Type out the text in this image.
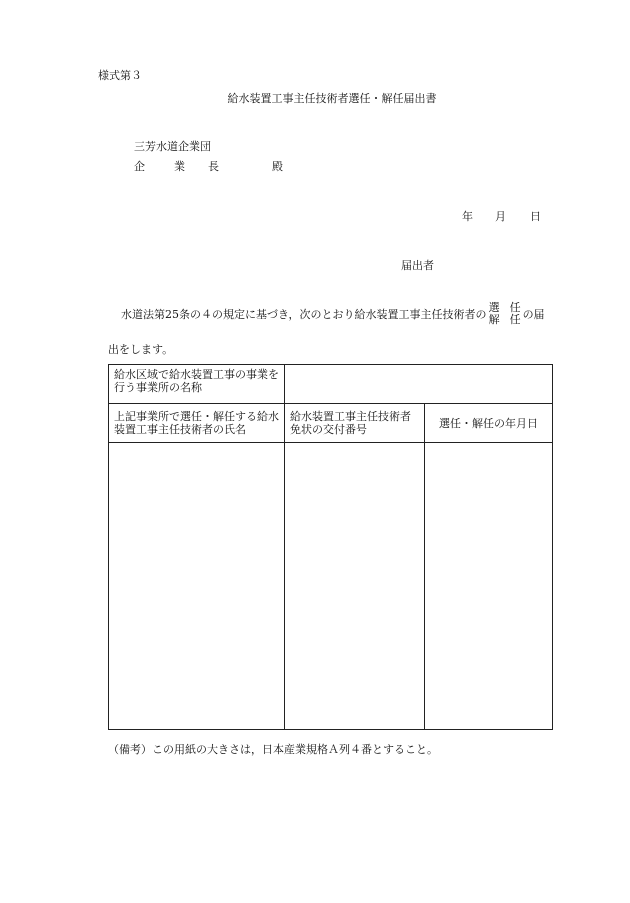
様式第３
給水装置工事主任技術者選任・解任届出書
三芳水道企業団
企	業 長	殿
年 月 日
届出者
水道法第25条の４の規定に基づき，次のとおり給水装置工事主任技術者の
選
解
任
任 の届
出をします。
給水区域で給水装置工事の事業を行う事業所の名称		
上記事業所で選任・解任する給水装置工事主任技術者の氏名	給水装置工事主任技術者免状の交付番号	選任・解任の年月日

（備考）この用紙の大きさは，日本産業規格Ａ列４番とすること。
